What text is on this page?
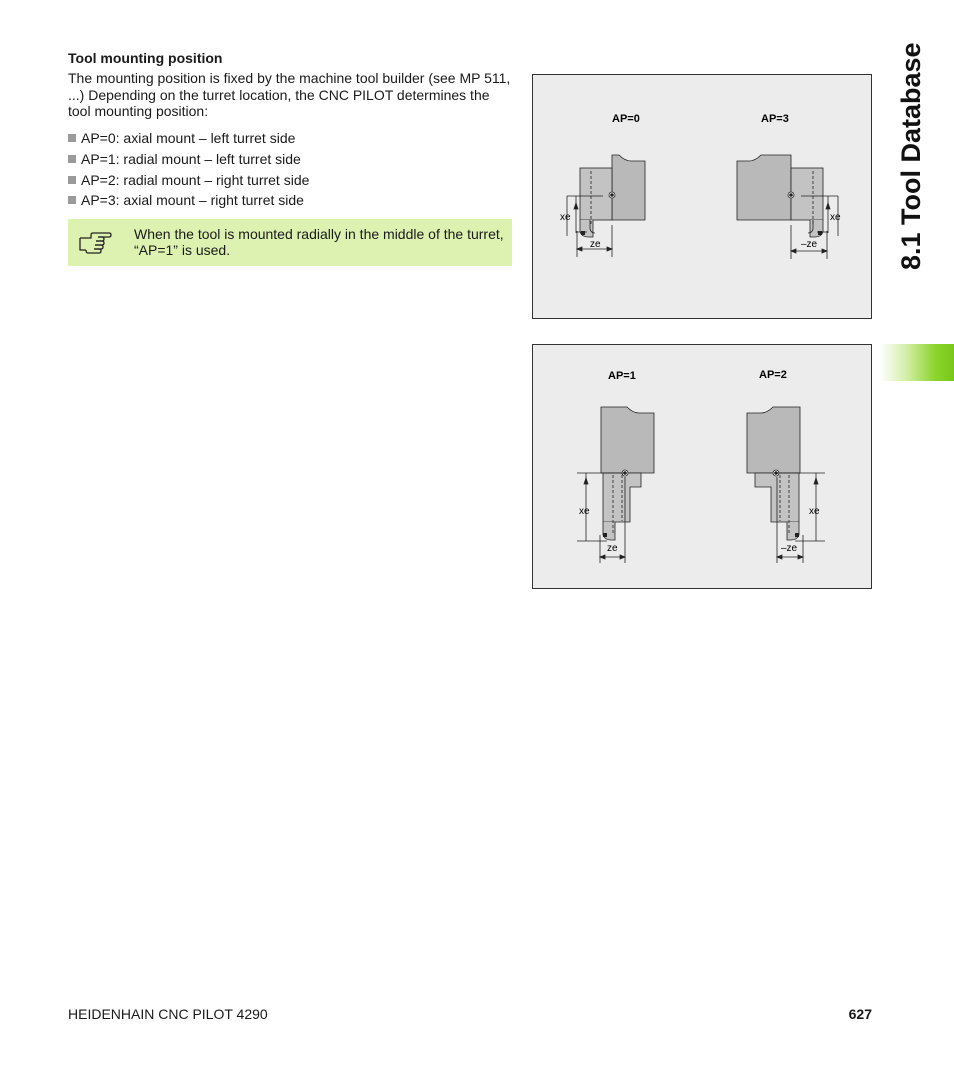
Tool mounting position
The mounting position is fixed by the machine tool builder (see MP 511, ...) Depending on the turret location, the CNC PILOT determines the tool mounting position:
AP=0: axial mount – left turret side
AP=1: radial mount – left turret side
AP=2: radial mount – right turret side
AP=3: axial mount – right turret side
When the tool is mounted radially in the middle of the turret, “AP=1” is used.
AP=0	AP=3
xe
ze
xe
–ze
AP=1	AP=2
xe
ze
xe
–ze
8.1 Tool Database
HEIDENHAIN CNC PILOT 4290	627
